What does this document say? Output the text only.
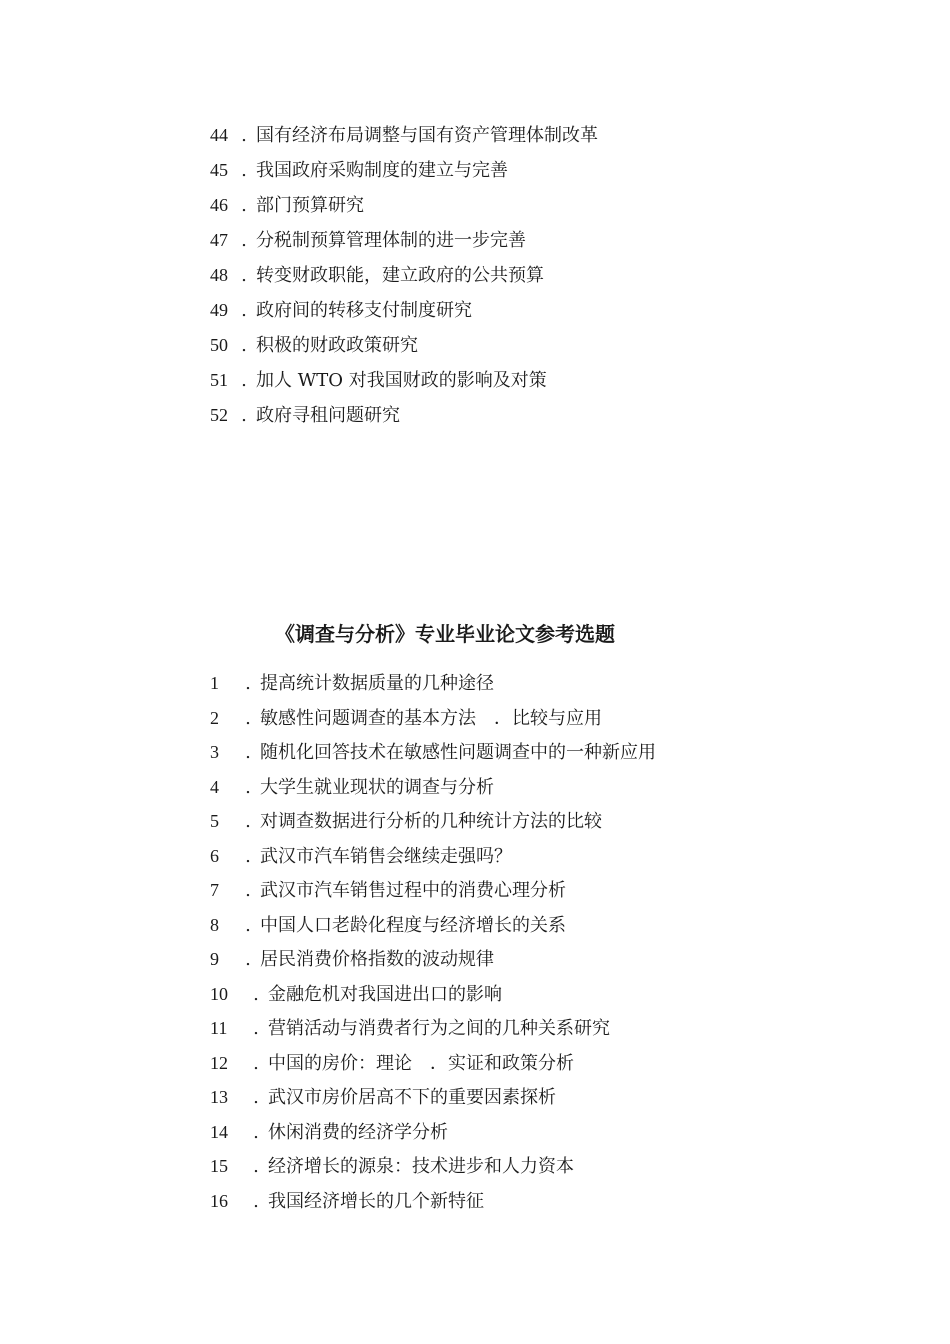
44 . 国有经济布局调整与国有资产管理体制改革
45 . 我国政府采购制度的建立与完善
46 . 部门预算研究
47 . 分税制预算管理体制的进一步完善
48 . 转变财政职能，建立政府的公共预算
49 . 政府间的转移支付制度研究
50 . 积极的财政政策研究
51 . 加人 WTO 对我国财政的影响及对策
52 . 政府寻租问题研究
《调查与分析》专业毕业论文参考选题
1	. 提高统计数据质量的几种途径
2	. 敏感性问题调查的基本方法　．比较与应用
3	. 随机化回答技术在敏感性问题调查中的一种新应用
4	. 大学生就业现状的调查与分析
5	. 对调查数据进行分析的几种统计方法的比较
6	. 武汉市汽车销售会继续走强吗？
7	. 武汉市汽车销售过程中的消费心理分析
8	. 中国人口老龄化程度与经济增长的关系
9	. 居民消费价格指数的波动规律
10	. 金融危机对我国进出口的影响
11	. 营销活动与消费者行为之间的几种关系研究
12	. 中国的房价：理论　．实证和政策分析
13	. 武汉市房价居高不下的重要因素探析
14	. 休闲消费的经济学分析
15	. 经济增长的源泉：技术进步和人力资本
16	. 我国经济增长的几个新特征
